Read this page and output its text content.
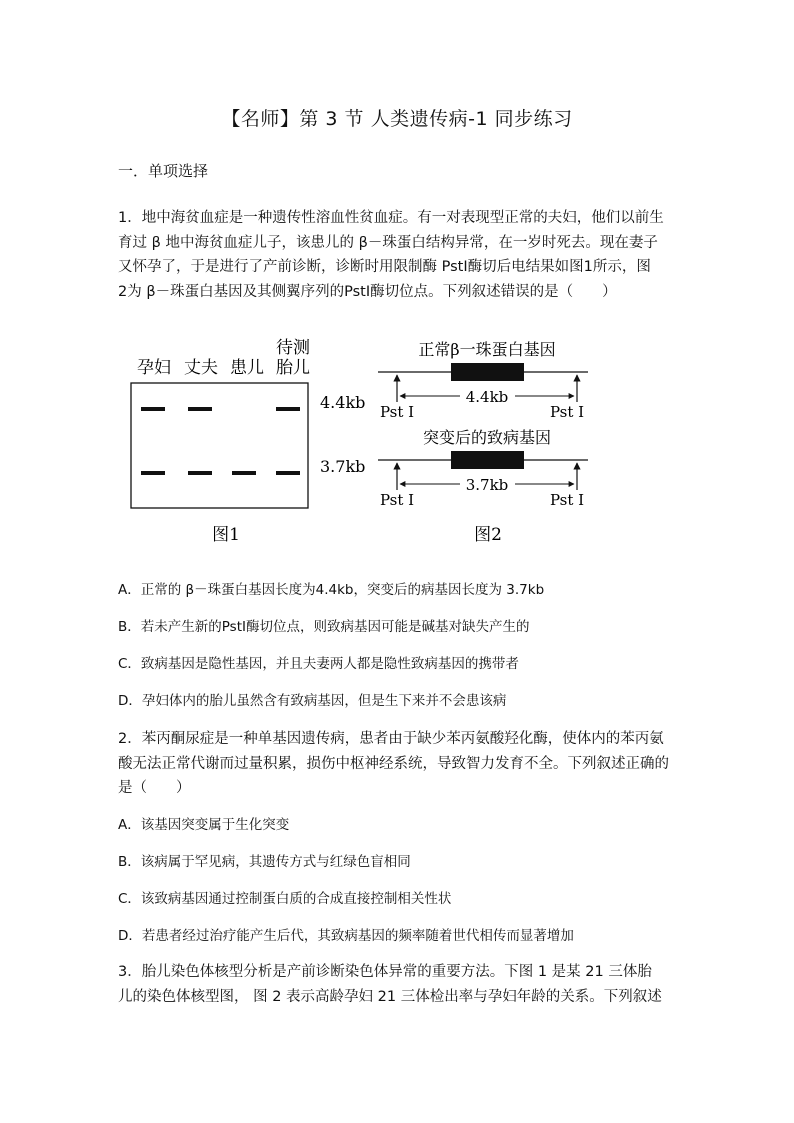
【名师】第 3 节 人类遗传病-1 同步练习
一．单项选择
1．地中海贫血症是一种遗传性溶血性贫血症。有一对表现型正常的夫妇，他们以前生
育过 β 地中海贫血症儿子，该患儿的 β－珠蛋白结构异常，在一岁时死去。现在妻子
又怀孕了，于是进行了产前诊断，诊断时用限制酶 PstⅠ酶切后电结果如图1所示，图
2为 β－珠蛋白基因及其侧翼序列的PstⅠ酶切位点。下列叙述错误的是（　　）
孕妇 丈夫 患儿
待测
胎儿
4.4kb
3.7kb
图1
正常β一珠蛋白基因
4.4kb
Pst I	Pst I
突变后的致病基因
3.7kb
Pst I	Pst I
图2
A．正常的 β－珠蛋白基因长度为4.4kb，突变后的病基因长度为 3.7kb
B．若未产生新的PstⅠ酶切位点，则致病基因可能是碱基对缺失产生的
C．致病基因是隐性基因，并且夫妻两人都是隐性致病基因的携带者
D．孕妇体内的胎儿虽然含有致病基因，但是生下来并不会患该病
2．苯丙酮尿症是一种单基因遗传病，患者由于缺少苯丙氨酸羟化酶，使体内的苯丙氨
酸无法正常代谢而过量积累，损伤中枢神经系统，导致智力发育不全。下列叙述正确的
是（　　）
A．该基因突变属于生化突变
B．该病属于罕见病，其遗传方式与红绿色盲相同
C．该致病基因通过控制蛋白质的合成直接控制相关性状
D．若患者经过治疗能产生后代，其致病基因的频率随着世代相传而显著增加
3．胎儿染色体核型分析是产前诊断染色体异常的重要方法。下图 1 是某 21 三体胎
儿的染色体核型图， 图 2 表示高龄孕妇 21 三体检出率与孕妇年龄的关系。下列叙述
